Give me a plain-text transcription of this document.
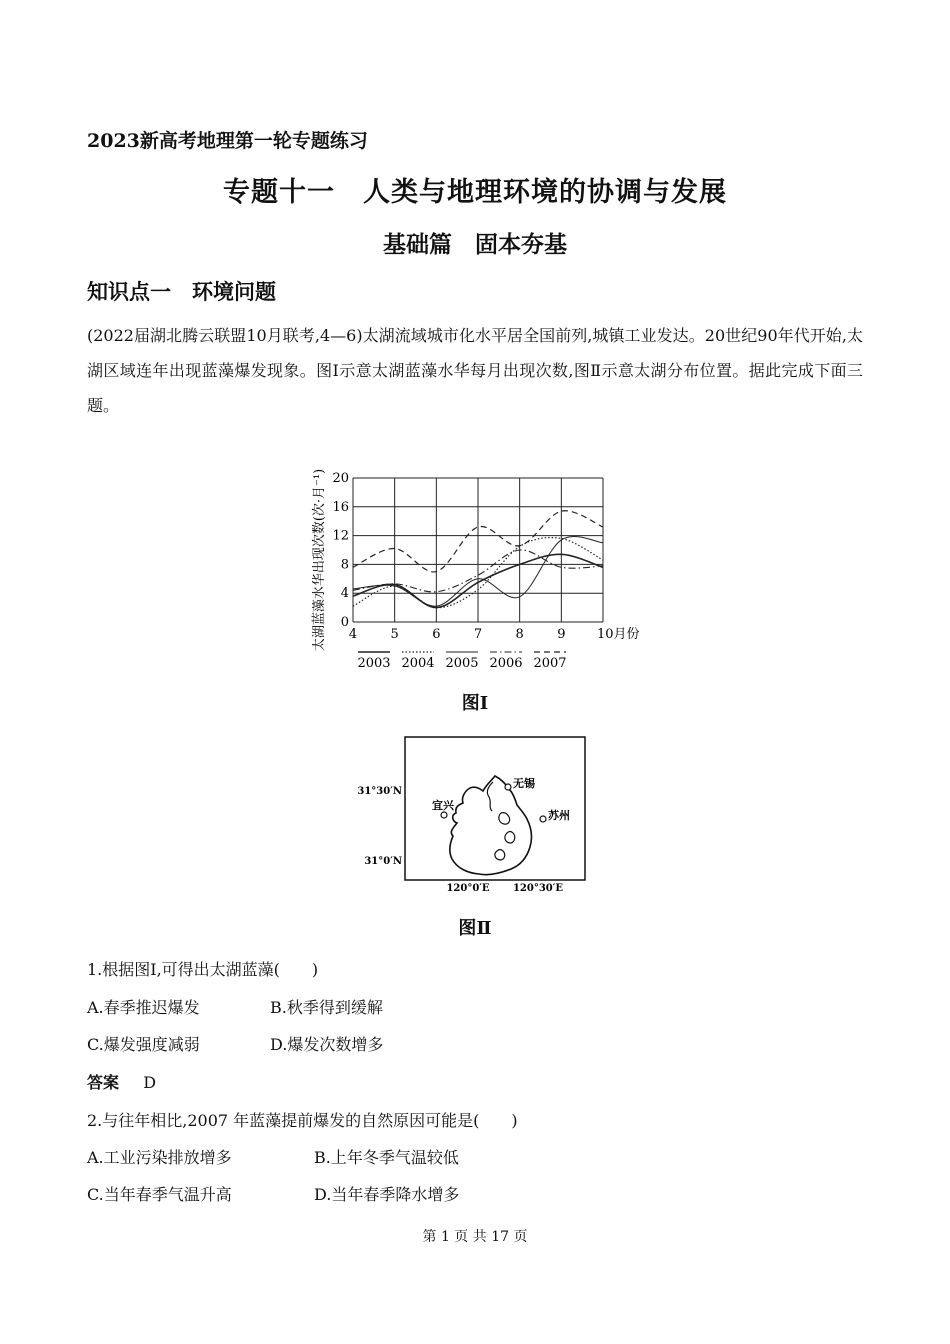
2023新高考地理第一轮专题练习
专题十一　人类与地理环境的协调与发展
基础篇　固本夯基
知识点一　环境问题
(2022届湖北腾云联盟10月联考,4—6)太湖流域城市化水平居全国前列,城镇工业发达。20世纪90年代开始,太湖区域连年出现蓝藻爆发现象。图Ⅰ示意太湖蓝藻水华每月出现次数,图Ⅱ示意太湖分布位置。据此完成下面三题。
0
4
8
12
16
20
4	5	6	7	8	9 10月份
太湖蓝藻水华出现次数(次·月⁻¹)
2003 2004 2005 2006 2007
图Ⅰ
无锡
宜兴
苏州
31°30′N
31°0′N
120°0′E 120°30′E
图Ⅱ
1.根据图Ⅰ,可得出太湖蓝藻(　　)
A.春季推迟爆发	B.秋季得到缓解
C.爆发强度减弱	D.爆发次数增多
答案 D
2.与往年相比,2007 年蓝藻提前爆发的自然原因可能是(　　)
A.工业污染排放增多	B.上年冬季气温较低
C.当年春季气温升高	D.当年春季降水增多
第 1 页 共 17 页
